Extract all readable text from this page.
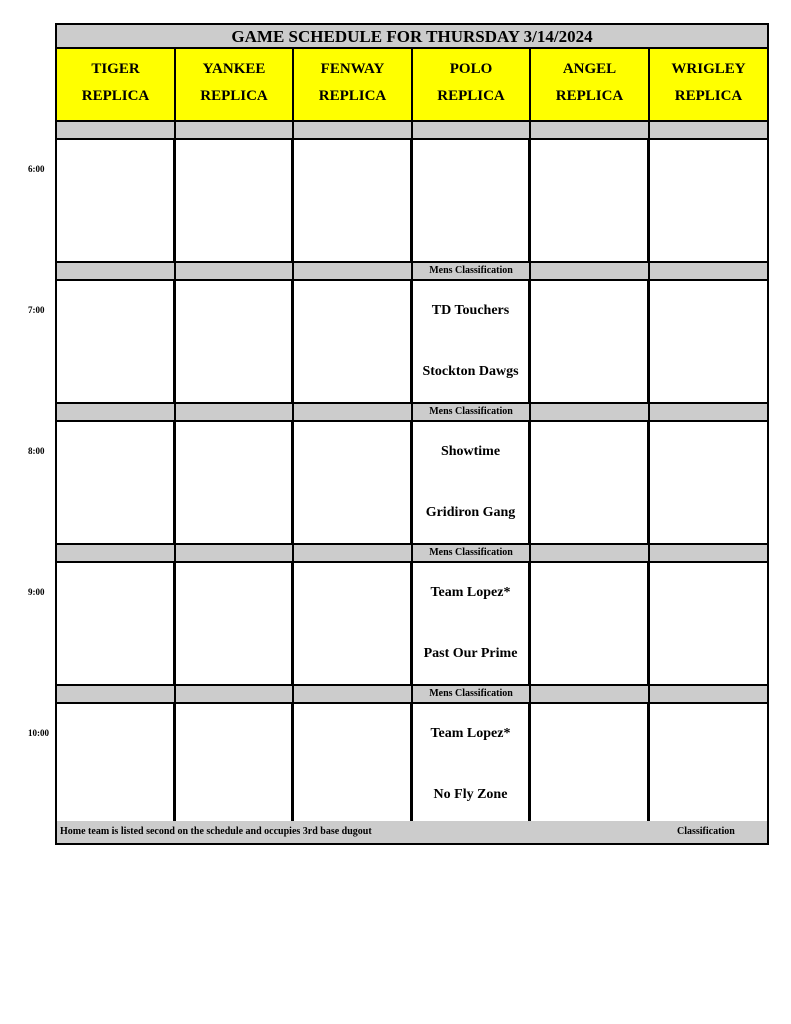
GAME SCHEDULE FOR THURSDAY 3/14/2024
TIGER
REPLICA
YANKEE
REPLICA
FENWAY
REPLICA
POLO
REPLICA
ANGEL
REPLICA
WRIGLEY
REPLICA
Mens Classification
TD Touchers
Stockton Dawgs
Mens Classification
Showtime
Gridiron Gang
Mens Classification
Team Lopez*
Past Our Prime
Mens Classification
Team Lopez*
No Fly Zone
Home team is listed second on the schedule and occupies 3rd base dugout	Classification
6:00
7:00
8:00
9:00
10:00
